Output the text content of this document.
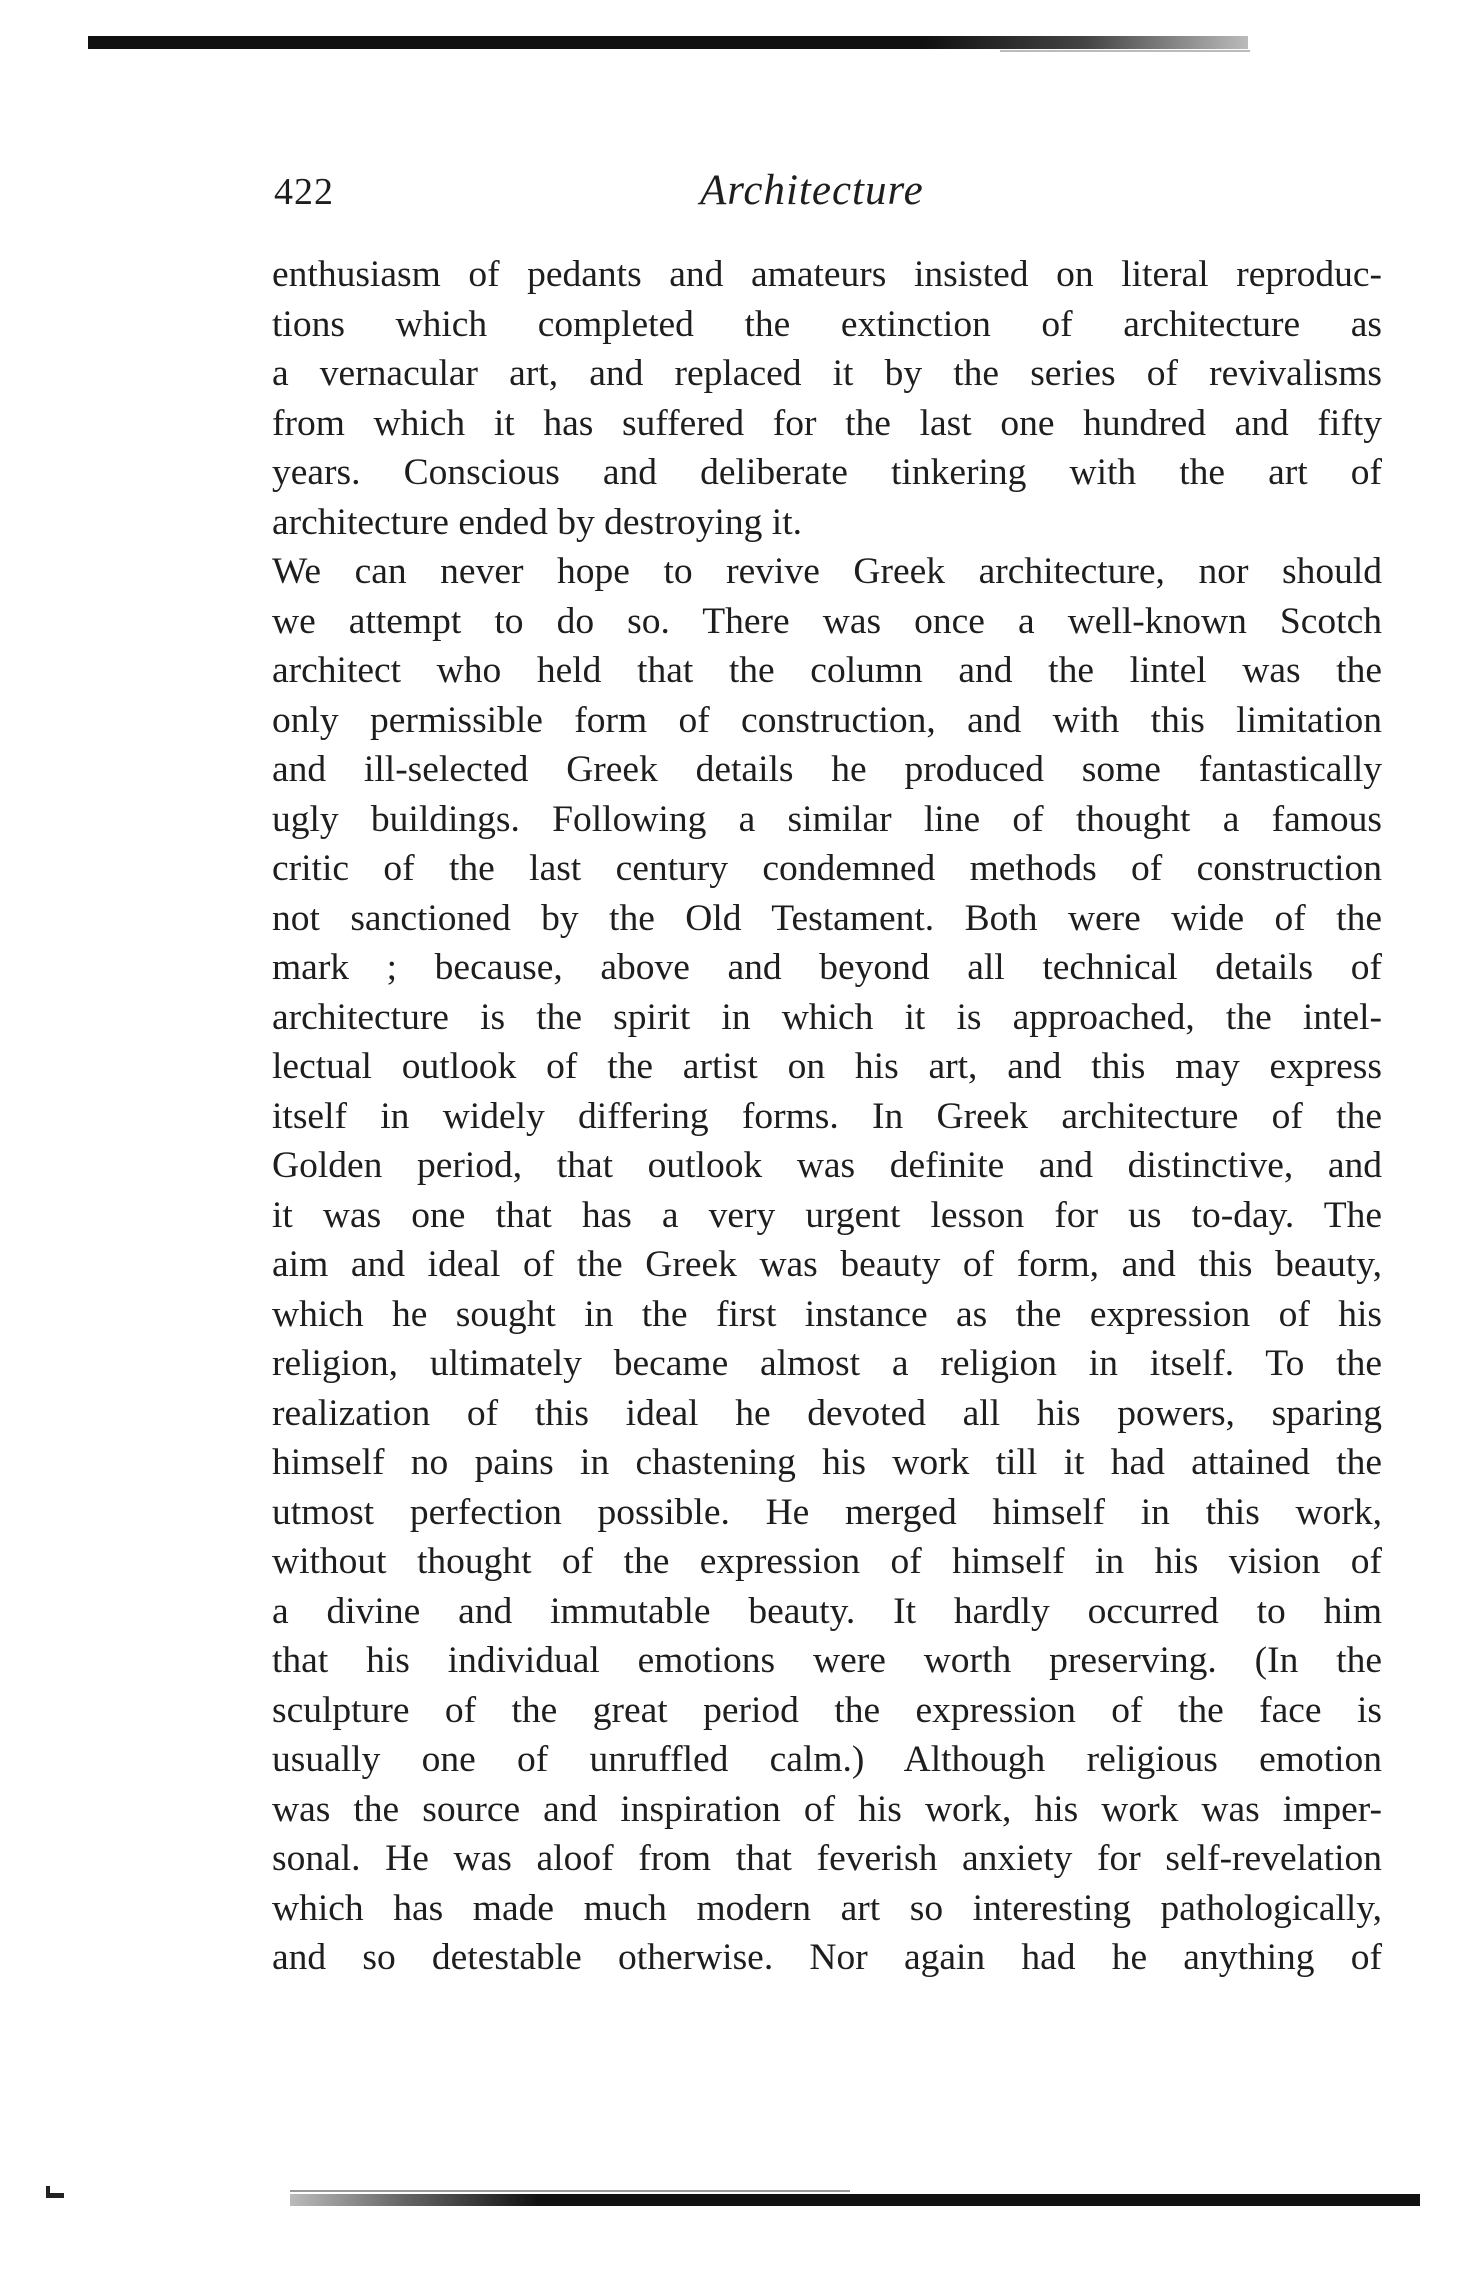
422	Architecture
enthusiasm of pedants and amateurs insisted on literal reproduc-
tions which completed the extinction of architecture as
a vernacular art, and replaced it by the series of revivalisms
from which it has suffered for the last one hundred and fifty
years. Conscious and deliberate tinkering with the art of
architecture ended by destroying it.
We can never hope to revive Greek architecture, nor should
we attempt to do so. There was once a well-known Scotch
architect who held that the column and the lintel was the
only permissible form of construction, and with this limitation
and ill-selected Greek details he produced some fantastically
ugly buildings. Following a similar line of thought a famous
critic of the last century condemned methods of construction
not sanctioned by the Old Testament. Both were wide of the
mark ; because, above and beyond all technical details of
architecture is the spirit in which it is approached, the intel-
lectual outlook of the artist on his art, and this may express
itself in widely differing forms. In Greek architecture of the
Golden period, that outlook was definite and distinctive, and
it was one that has a very urgent lesson for us to-day. The
aim and ideal of the Greek was beauty of form, and this beauty,
which he sought in the first instance as the expression of his
religion, ultimately became almost a religion in itself. To the
realization of this ideal he devoted all his powers, sparing
himself no pains in chastening his work till it had attained the
utmost perfection possible. He merged himself in this work,
without thought of the expression of himself in his vision of
a divine and immutable beauty. It hardly occurred to him
that his individual emotions were worth preserving. (In the
sculpture of the great period the expression of the face is
usually one of unruffled calm.) Although religious emotion
was the source and inspiration of his work, his work was imper-
sonal. He was aloof from that feverish anxiety for self-revelation
which has made much modern art so interesting pathologically,
and so detestable otherwise. Nor again had he anything of
